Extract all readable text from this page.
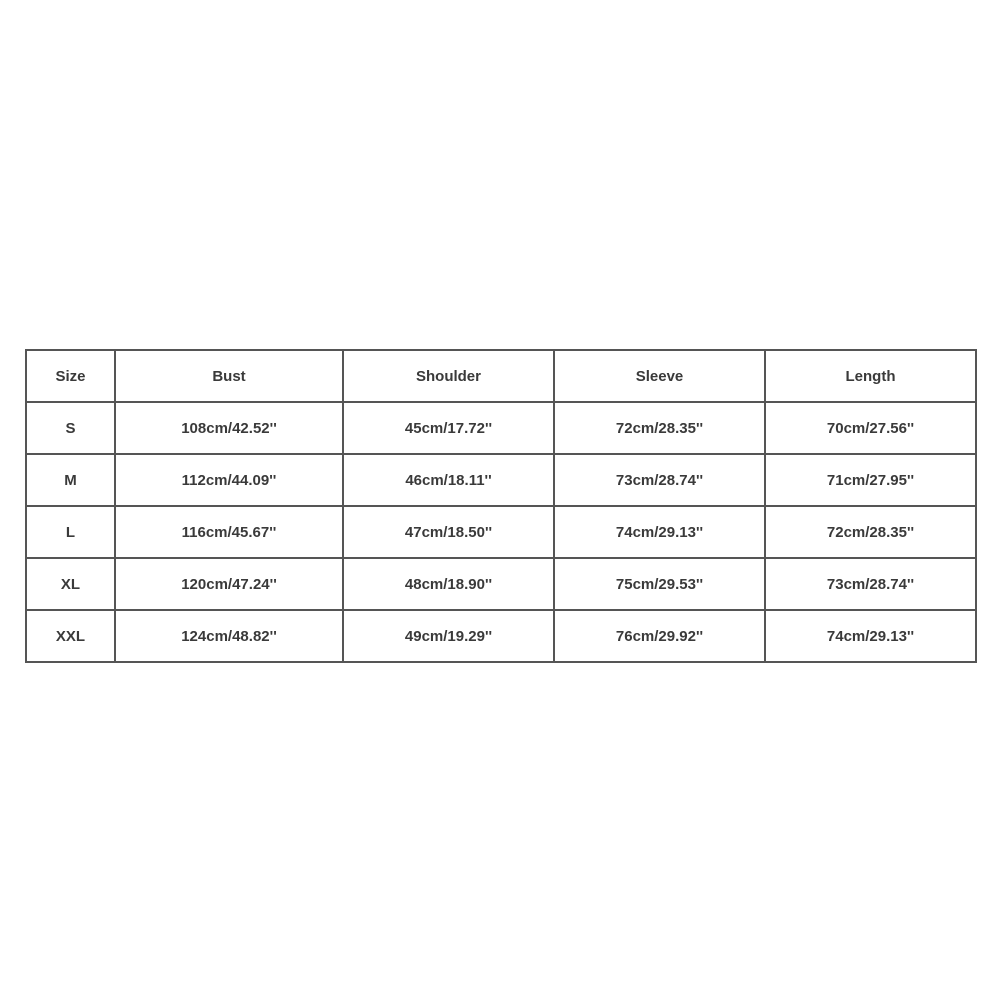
Size	Bust	Shoulder	Sleeve	Length
S	108cm/42.52''	45cm/17.72''	72cm/28.35''	70cm/27.56''
M	112cm/44.09''	46cm/18.11''	73cm/28.74''	71cm/27.95''
L	116cm/45.67''	47cm/18.50''	74cm/29.13''	72cm/28.35''
XL	120cm/47.24''	48cm/18.90''	75cm/29.53''	73cm/28.74''
XXL	124cm/48.82''	49cm/19.29''	76cm/29.92''	74cm/29.13''
